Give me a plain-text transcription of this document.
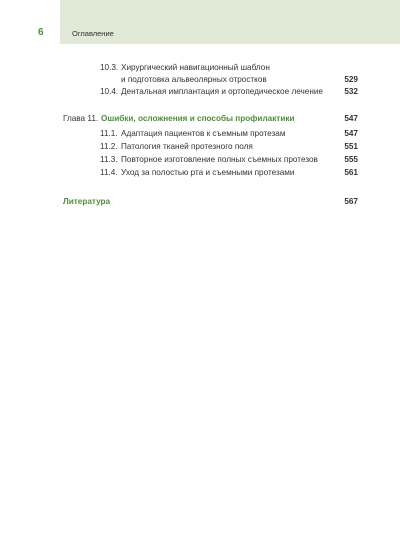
6	Оглавление
10.3. Хирургический навигационный шаблон
и подготовка альвеолярных отростков	529
10.4. Дентальная имплантация и ортопедическое лечение	532
Глава 11. Ошибки, осложнения и способы профилактики	547
11.1. Адаптация пациентов к съемным протезам	547
11.2. Патология тканей протезного поля	551
11.3. Повторное изготовление полных съемных протезов	555
11.4. Уход за полостью рта и съемными протезами	561
Литература	567
